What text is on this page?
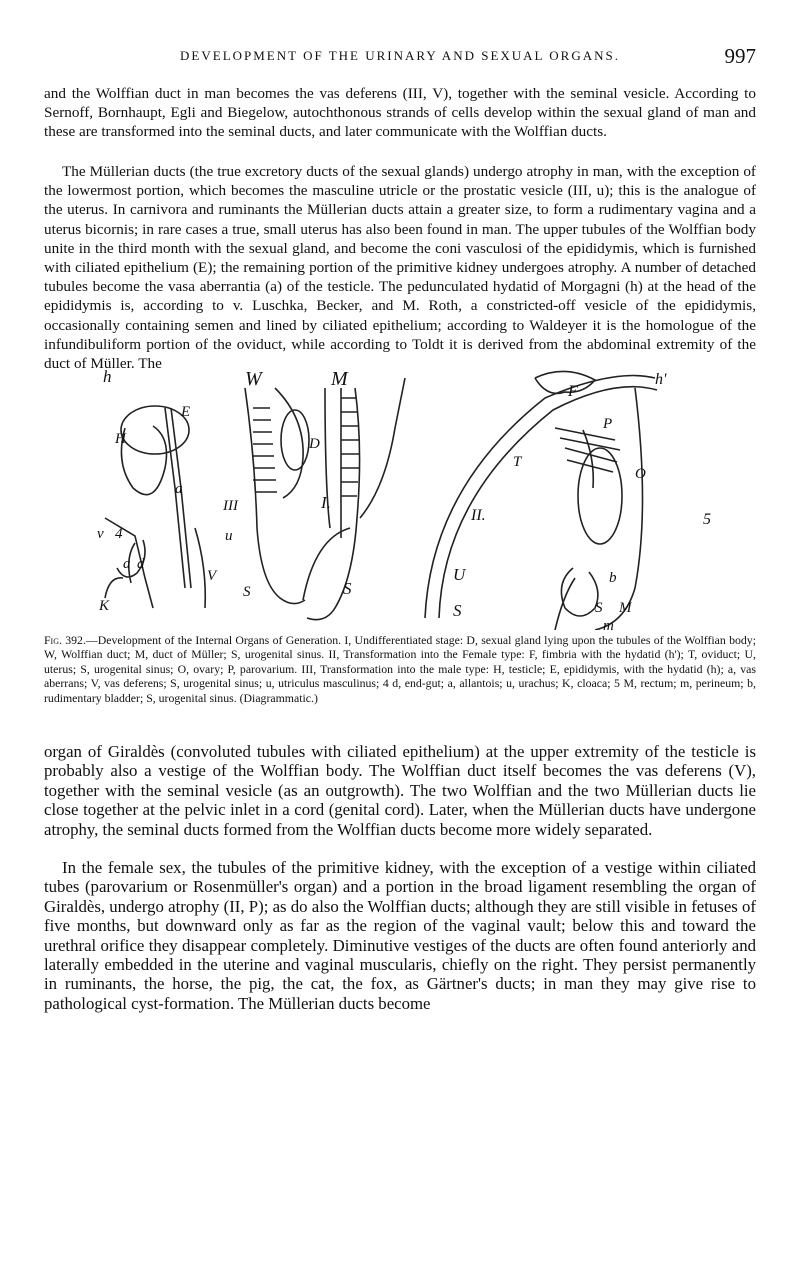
DEVELOPMENT OF THE URINARY AND SEXUAL ORGANS.	997

and the Wolffian duct in man becomes the vas deferens (III, V), together with the seminal vesicle. According to Sernoff, Bornhaupt, Egli and Biegelow, autochthonous strands of cells develop within the sexual gland of man and these are transformed into the seminal ducts, and later communicate with the Wolffian ducts.

The Müllerian ducts (the true excretory ducts of the sexual glands) undergo atrophy in man, with the exception of the lowermost portion, which becomes the masculine utricle or the prostatic vesicle (III, u); this is the analogue of the uterus. In carnivora and ruminants the Müllerian ducts attain a greater size, to form a rudimentary vagina and a uterus bicornis; in rare cases a true, small uterus has also been found in man. The upper tubules of the Wolffian body unite in the third month with the sexual gland, and become the coni vasculosi of the epididymis, which is furnished with ciliated epithelium (E); the remaining portion of the primitive kidney undergoes atrophy. A number of detached tubules become the vasa aberrantia (a) of the testicle. The pedunculated hydatid of Morgagni (h) at the head of the epididymis is, according to v. Luschka, Becker, and M. Roth, a constricted-off vesicle of the epididymis, occasionally containing semen and lined by ciliated epithelium; according to Waldeyer it is the homologue of the infundibuliform portion of the oviduct, while according to Toldt it is derived from the abdominal extremity of the duct of Müller. The

h
E
H
v 4
a d
a
K
W
III
u
V
S
M
D
I.
S
U
S
II.
T
F
h'
P
O
5
b
S M
m

Fig. 392.—Development of the Internal Organs of Generation. I, Undifferentiated stage: D, sexual gland lying upon the tubules of the Wolffian body; W, Wolffian duct; M, duct of Müller; S, urogenital sinus. II, Transformation into the Female type: F, fimbria with the hydatid (h'); T, oviduct; U, uterus; S, urogenital sinus; O, ovary; P, parovarium. III, Transformation into the male type: H, testicle; E, epididymis, with the hydatid (h); a, vas aberrans; V, vas deferens; S, urogenital sinus; u, utriculus masculinus; 4 d, end-gut; a, allantois; u, urachus; K, cloaca; 5 M, rectum; m, perineum; b, rudimentary bladder; S, urogenital sinus. (Diagrammatic.)

organ of Giraldès (convoluted tubules with ciliated epithelium) at the upper extremity of the testicle is probably also a vestige of the Wolffian body. The Wolffian duct itself becomes the vas deferens (V), together with the seminal vesicle (as an outgrowth). The two Wolffian and the two Müllerian ducts lie close together at the pelvic inlet in a cord (genital cord). Later, when the Müllerian ducts have undergone atrophy, the seminal ducts formed from the Wolffian ducts become more widely separated.

In the female sex, the tubules of the primitive kidney, with the exception of a vestige within ciliated tubes (parovarium or Rosenmüller's organ) and a portion in the broad ligament resembling the organ of Giraldès, undergo atrophy (II, P); as do also the Wolffian ducts; although they are still visible in fetuses of five months, but downward only as far as the region of the vaginal vault; below this and toward the urethral orifice they disappear completely. Diminutive vestiges of the ducts are often found anteriorly and laterally embedded in the uterine and vaginal muscularis, chiefly on the right. They persist permanently in ruminants, the horse, the pig, the cat, the fox, as Gärtner's ducts; in man they may give rise to pathological cyst-formation. The Müllerian ducts become
